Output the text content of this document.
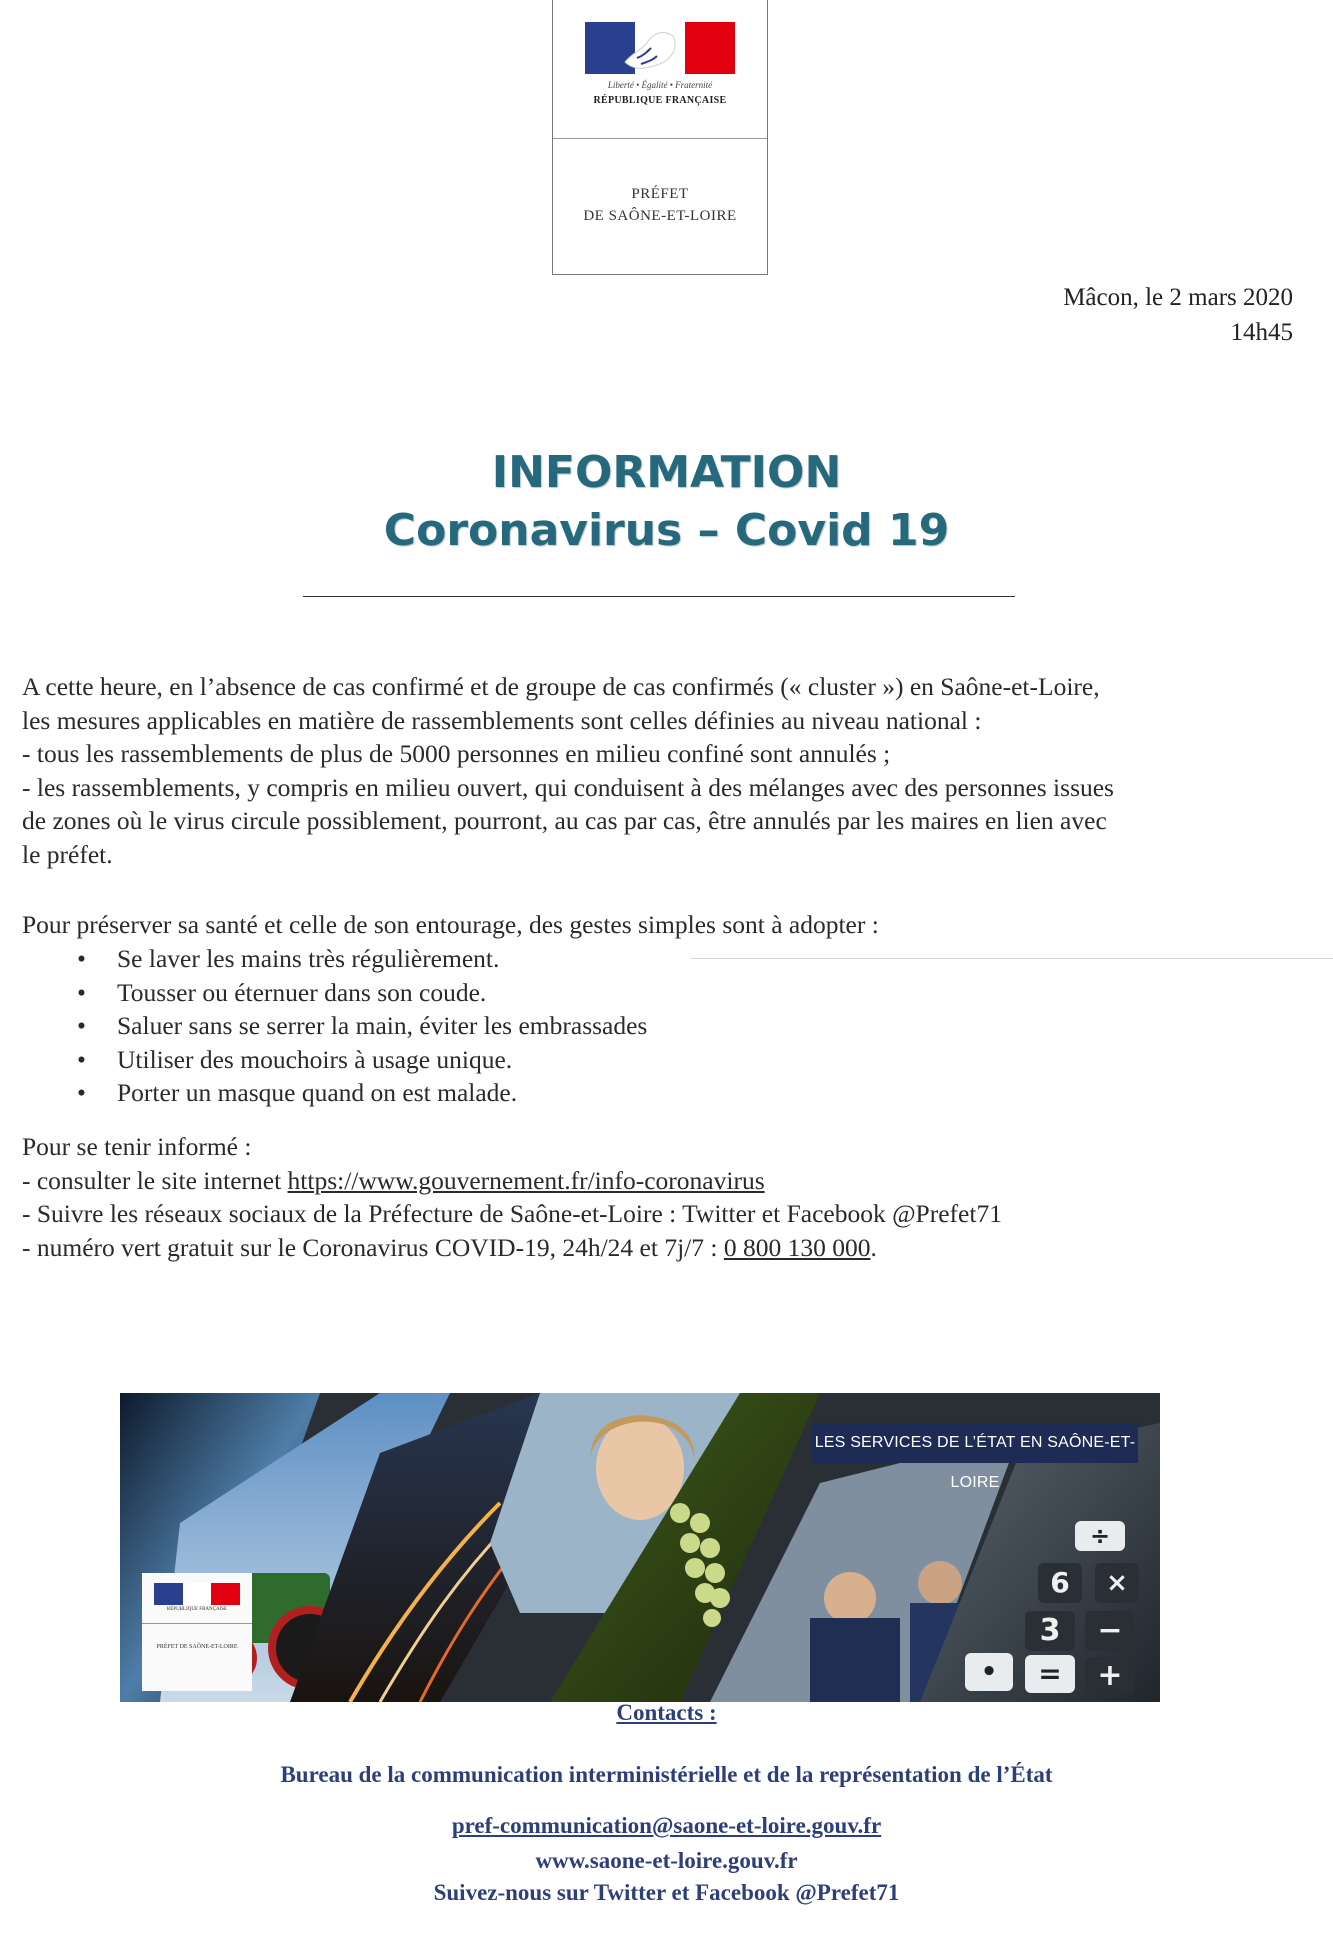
Liberté • Égalité • Fraternité
RÉPUBLIQUE FRANÇAISE
PRÉFET
DE SAÔNE-ET-LOIRE
Mâcon, le 2 mars 2020
14h45
INFORMATION
Coronavirus – Covid 19
A cette heure, en l’absence de cas confirmé et de groupe de cas confirmés (« cluster ») en Saône-et-Loire,
les mesures applicables en matière de rassemblements sont celles définies au niveau national :
- tous les rassemblements de plus de 5000 personnes en milieu confiné sont annulés ;
- les rassemblements, y compris en milieu ouvert, qui conduisent à des mélanges avec des personnes issues
de zones où le virus circule possiblement, pourront, au cas par cas, être annulés par les maires en lien avec
le préfet.
Pour préserver sa santé et celle de son entourage, des gestes simples sont à adopter :
• Se laver les mains très régulièrement.
• Tousser ou éternuer dans son coude.
• Saluer sans se serrer la main, éviter les embrassades
• Utiliser des mouchoirs à usage unique.
• Porter un masque quand on est malade.
Pour se tenir informé :
- consulter le site internet https://www.gouvernement.fr/info-coronavirus
- Suivre les réseaux sociaux de la Préfecture de Saône-et-Loire : Twitter et Facebook @Prefet71
- numéro vert gratuit sur le Coronavirus COVID-19, 24h/24 et 7j/7 : 0 800 130 000.
LES SERVICES DE L’ÉTAT EN SAÔNE-ET-LOIRE
÷
6	×
3	−
•	=	+
RÉPUBLIQUE FRANÇAISE
PRÉFET DE SAÔNE-ET-LOIRE
Contacts :
Bureau de la communication interministérielle et de la représentation de l’État
pref-communication@saone-et-loire.gouv.fr
www.saone-et-loire.gouv.fr
Suivez-nous sur Twitter et Facebook @Prefet71
